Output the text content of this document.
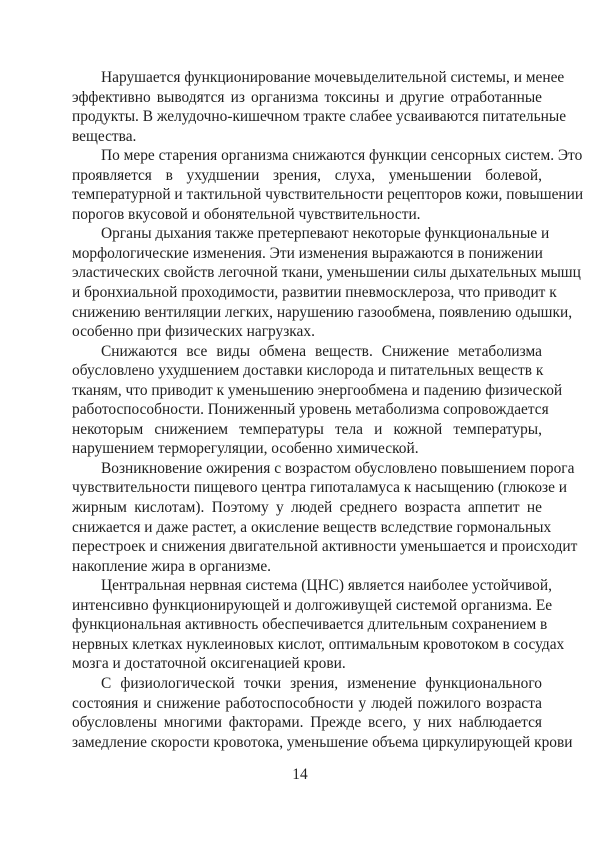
Нарушается функционирование мочевыделительной системы, и менее
эффективно выводятся из организма токсины и другие отработанные
продукты. В желудочно-кишечном тракте слабее усваиваются питательные
вещества.
По мере старения организма снижаются функции сенсорных систем. Это
проявляется в ухудшении зрения, слуха, уменьшении болевой,
температурной и тактильной чувствительности рецепторов кожи, повышении
порогов вкусовой и обонятельной чувствительности.
Органы дыхания также претерпевают некоторые функциональные и
морфологические изменения. Эти изменения выражаются в понижении
эластических свойств легочной ткани, уменьшении силы дыхательных мышц
и бронхиальной проходимости, развитии пневмосклероза, что приводит к
снижению вентиляции легких, нарушению газообмена, появлению одышки,
особенно при физических нагрузках.
Снижаются все виды обмена веществ. Снижение метаболизма
обусловлено ухудшением доставки кислорода и питательных веществ к
тканям, что приводит к уменьшению энергообмена и падению физической
работоспособности. Пониженный уровень метаболизма сопровождается
некоторым снижением температуры тела и кожной температуры,
нарушением терморегуляции, особенно химической.
Возникновение ожирения с возрастом обусловлено повышением порога
чувствительности пищевого центра гипоталамуса к насыщению (глюкозе и
жирным кислотам). Поэтому у людей среднего возраста аппетит не
снижается и даже растет, а окисление веществ вследствие гормональных
перестроек и снижения двигательной активности уменьшается и происходит
накопление жира в организме.
Центральная нервная система (ЦНС) является наиболее устойчивой,
интенсивно функционирующей и долгоживущей системой организма. Ее
функциональная активность обеспечивается длительным сохранением в
нервных клетках нуклеиновых кислот, оптимальным кровотоком в сосудах
мозга и достаточной оксигенацией крови.
С физиологической точки зрения, изменение функционального
состояния и снижение работоспособности у людей пожилого возраста
обусловлены многими факторами. Прежде всего, у них наблюдается
замедление скорости кровотока, уменьшение объема циркулирующей крови
14
